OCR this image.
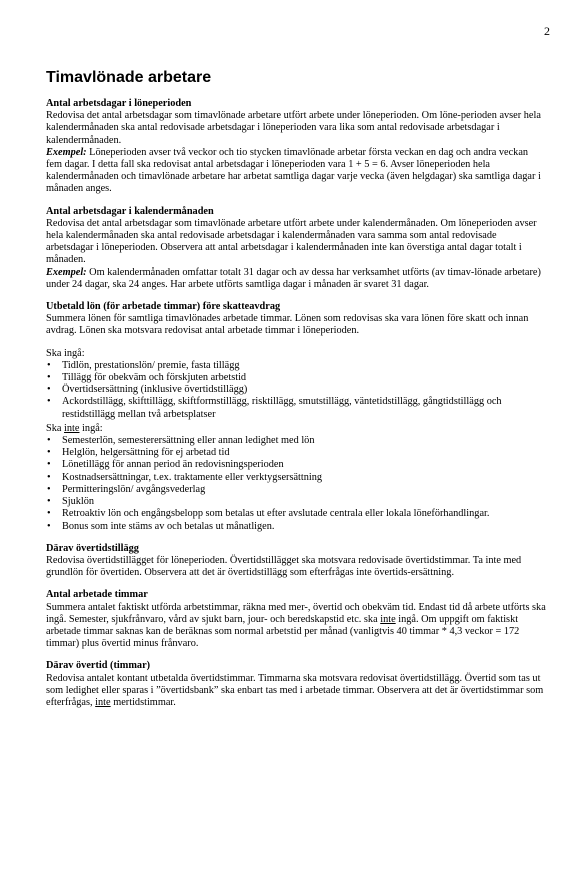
2
Timavlönade arbetare
Antal arbetsdagar i löneperioden

Redovisa det antal arbetsdagar som timavlönade arbetare utfört arbete under löneperioden. Om löne-perioden avser hela kalendermånaden ska antal redovisade arbetsdagar i löneperioden vara lika som antal redovisade arbetsdagar i kalendermånaden.

Exempel: Löneperioden avser två veckor och tio stycken timavlönade arbetar första veckan en dag och andra veckan fem dagar. I detta fall ska redovisat antal arbetsdagar i löneperioden vara 1 + 5 = 6. Avser löneperioden hela kalendermånaden och timavlönade arbetare har arbetat samtliga dagar varje vecka (även helgdagar) ska samtliga dagar i månaden anges.

Antal arbetsdagar i kalendermånaden

Redovisa det antal arbetsdagar som timavlönade arbetare utfört arbete under kalendermånaden. Om löneperioden avser hela kalendermånaden ska antal redovisade arbetsdagar i kalendermånaden vara samma som antal redovisade arbetsdagar i löneperioden. Observera att antal arbetsdagar i kalendermånaden inte kan överstiga antal dagar totalt i månaden.

Exempel: Om kalendermånaden omfattar totalt 31 dagar och av dessa har verksamhet utförts (av timav-lönade arbetare) under 24 dagar, ska 24 anges. Har arbete utförts samtliga dagar i månaden är svaret 31 dagar.

Utbetald lön (för arbetade timmar) före skatteavdrag

Summera lönen för samtliga timavlönades arbetade timmar. Lönen som redovisas ska vara lönen före skatt och innan avdrag. Lönen ska motsvara redovisat antal arbetade timmar i löneperioden.

Ska ingå:

• Tidlön, prestationslön/ premie, fasta tillägg
• Tillägg för obekväm och förskjuten arbetstid
• Övertidsersättning (inklusive övertidstillägg)
• Ackordstillägg, skifttillägg, skiftformstillägg, risktillägg, smutstillägg, väntetidstillägg, gångtidstillägg och restidstillägg mellan två arbetsplatser

Ska inte ingå:

• Semesterlön, semesterersättning eller annan ledighet med lön
• Helglön, helgersättning för ej arbetad tid
• Lönetillägg för annan period än redovisningsperioden
• Kostnadsersättningar, t.ex. traktamente eller verktygsersättning
• Permitteringslön/ avgångsvederlag
• Sjuklön
• Retroaktiv lön och engångsbelopp som betalas ut efter avslutade centrala eller lokala löneförhandlingar.
• Bonus som inte stäms av och betalas ut månatligen.
Därav övertidstillägg

Redovisa övertidstillägget för löneperioden. Övertidstillägget ska motsvara redovisade övertidstimmar. Ta inte med grundlön för övertiden. Observera att det är övertidstillägg som efterfrågas inte övertids-ersättning.

Antal arbetade timmar

Summera antalet faktiskt utförda arbetstimmar, räkna med mer-, övertid och obekväm tid. Endast tid då arbete utförts ska ingå. Semester, sjukfrånvaro, vård av sjukt barn, jour- och beredskapstid etc. ska inte ingå. Om uppgift om faktiskt arbetade timmar saknas kan de beräknas som normal arbetstid per månad (vanligtvis 40 timmar * 4,3 veckor = 172 timmar) plus övertid minus frånvaro.

Därav övertid (timmar)

Redovisa antalet kontant utbetalda övertidstimmar. Timmarna ska motsvara redovisat övertidstillägg. Övertid som tas ut som ledighet eller sparas i ”övertidsbank” ska enbart tas med i arbetade timmar. Observera att det är övertidstimmar som efterfrågas, inte mertidstimmar.
